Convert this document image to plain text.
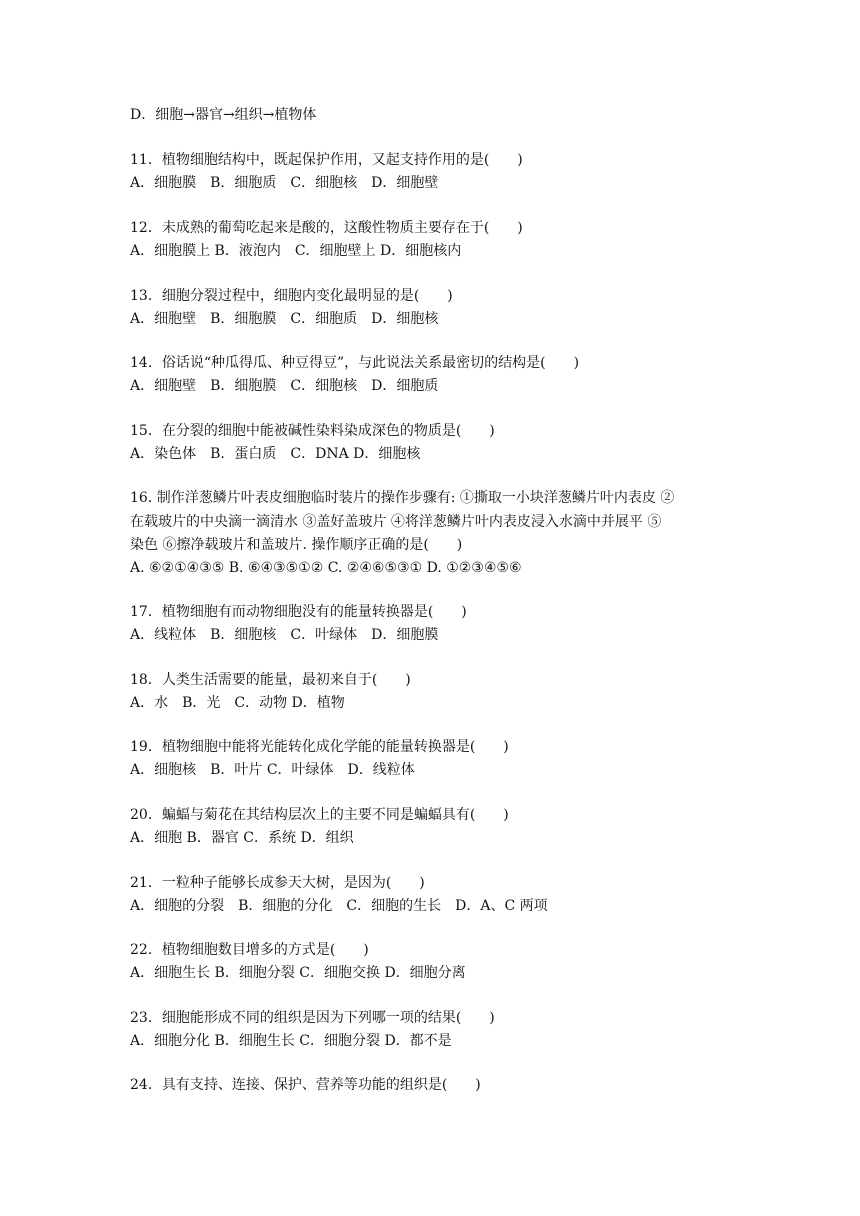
D．细胞→器官→组织→植物体
11．植物细胞结构中，既起保护作用，又起支持作用的是(　　)
A．细胞膜　B．细胞质　C．细胞核　D．细胞壁
12．未成熟的葡萄吃起来是酸的，这酸性物质主要存在于(　　)
A．细胞膜上 B．液泡内　C．细胞壁上 D．细胞核内
13．细胞分裂过程中，细胞内变化最明显的是(　　)
A．细胞壁　B．细胞膜　C．细胞质　D．细胞核
14．俗话说“种瓜得瓜、种豆得豆”，与此说法关系最密切的结构是(　　)
A．细胞壁　B．细胞膜　C．细胞核　D．细胞质
15．在分裂的细胞中能被碱性染料染成深色的物质是(　　)
A．染色体　B．蛋白质　C．DNA D．细胞核
16. 制作洋葱鳞片叶表皮细胞临时装片的操作步骤有: ①撕取一小块洋葱鳞片叶内表皮 ②
在载玻片的中央滴一滴清水 ③盖好盖玻片 ④将洋葱鳞片叶内表皮浸入水滴中并展平 ⑤
染色 ⑥擦净载玻片和盖玻片. 操作顺序正确的是(　　)
A. ⑥②①④③⑤ B. ⑥④③⑤①② C. ②④⑥⑤③① D. ①②③④⑤⑥
17．植物细胞有而动物细胞没有的能量转换器是(　　)
A．线粒体　B．细胞核　C．叶绿体　D．细胞膜
18．人类生活需要的能量，最初来自于(　　)
A．水　B．光　C．动物 D．植物
19．植物细胞中能将光能转化成化学能的能量转换器是(　　)
A．细胞核　B．叶片 C．叶绿体　D．线粒体
20．蝙蝠与菊花在其结构层次上的主要不同是蝙蝠具有(　　)
A．细胞 B．器官 C．系统 D．组织
21．一粒种子能够长成参天大树，是因为(　　)
A．细胞的分裂　B．细胞的分化　C．细胞的生长　D．A、C 两项
22．植物细胞数目增多的方式是(　　)
A．细胞生长 B．细胞分裂 C．细胞交换 D．细胞分离
23．细胞能形成不同的组织是因为下列哪一项的结果(　　)
A．细胞分化 B．细胞生长 C．细胞分裂 D．都不是
24．具有支持、连接、保护、营养等功能的组织是(　　)
